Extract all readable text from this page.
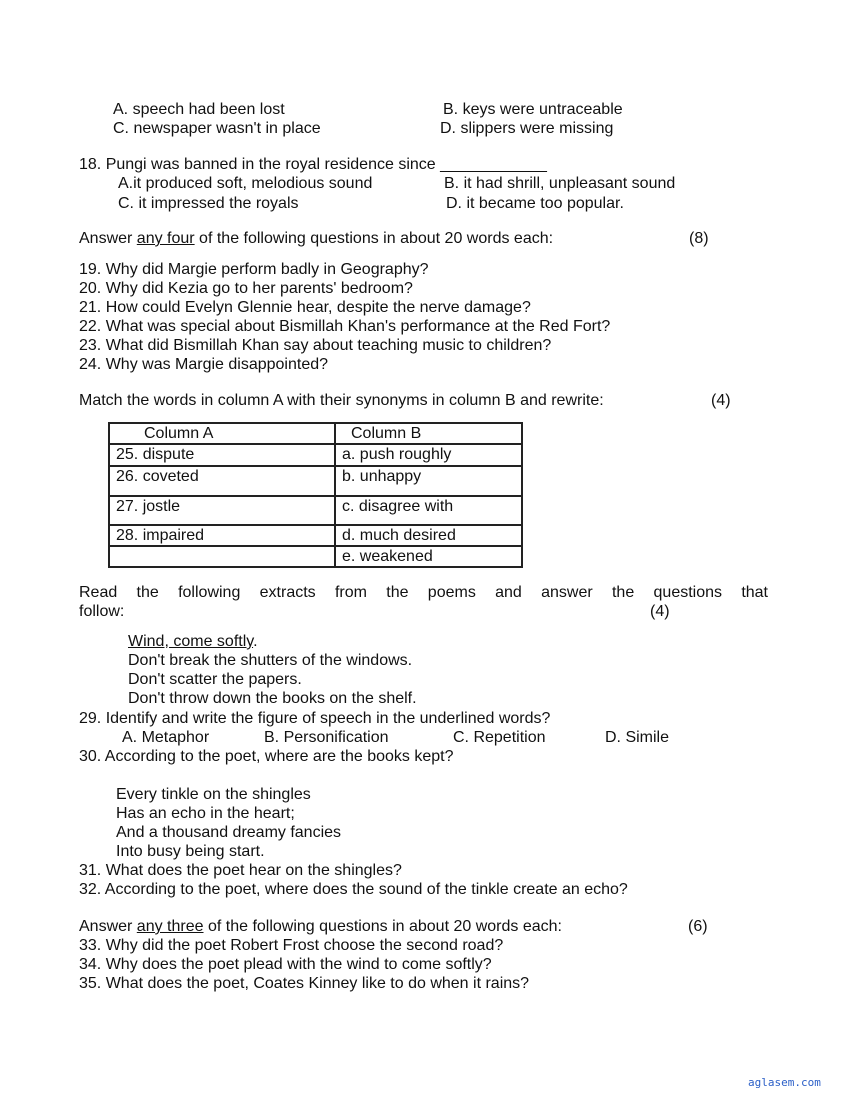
A. speech had been lost	B. keys were untraceable
C. newspaper wasn't in place	D. slippers were missing
18. Pungi was banned in the royal residence since ____________
A.it produced soft, melodious sound	B. it had shrill, unpleasant sound
C. it impressed the royals	D. it became too popular.
Answer any four of the following questions in about 20 words each:	(8)
19. Why did Margie perform badly in Geography?
20. Why did Kezia go to her parents' bedroom?
21. How could Evelyn Glennie hear, despite the nerve damage?
22. What was special about Bismillah Khan's performance at the Red Fort?
23. What did Bismillah Khan say about teaching music to children?
24. Why was Margie disappointed?
Match the words in column A with their synonyms in column B and rewrite:	(4)
Column A	Column B
25. dispute	a. push roughly
26. coveted	b. unhappy
27. jostle	c. disagree with
28. impaired	d. much desired
	e. weakened
Read the following extracts from the poems and answer the questions that
follow:	(4)
Wind, come softly.
Don't break the shutters of the windows.
Don't scatter the papers.
Don't throw down the books on the shelf.
29. Identify and write the figure of speech in the underlined words?
A. Metaphor	B. Personification	C. Repetition	D. Simile
30. According to the poet, where are the books kept?
Every tinkle on the shingles
Has an echo in the heart;
And a thousand dreamy fancies
Into busy being start.
31. What does the poet hear on the shingles?
32. According to the poet, where does the sound of the tinkle create an echo?
Answer any three of the following questions in about 20 words each:	(6)
33. Why did the poet Robert Frost choose the second road?
34. Why does the poet plead with the wind to come softly?
35. What does the poet, Coates Kinney like to do when it rains?
aglasem.com
